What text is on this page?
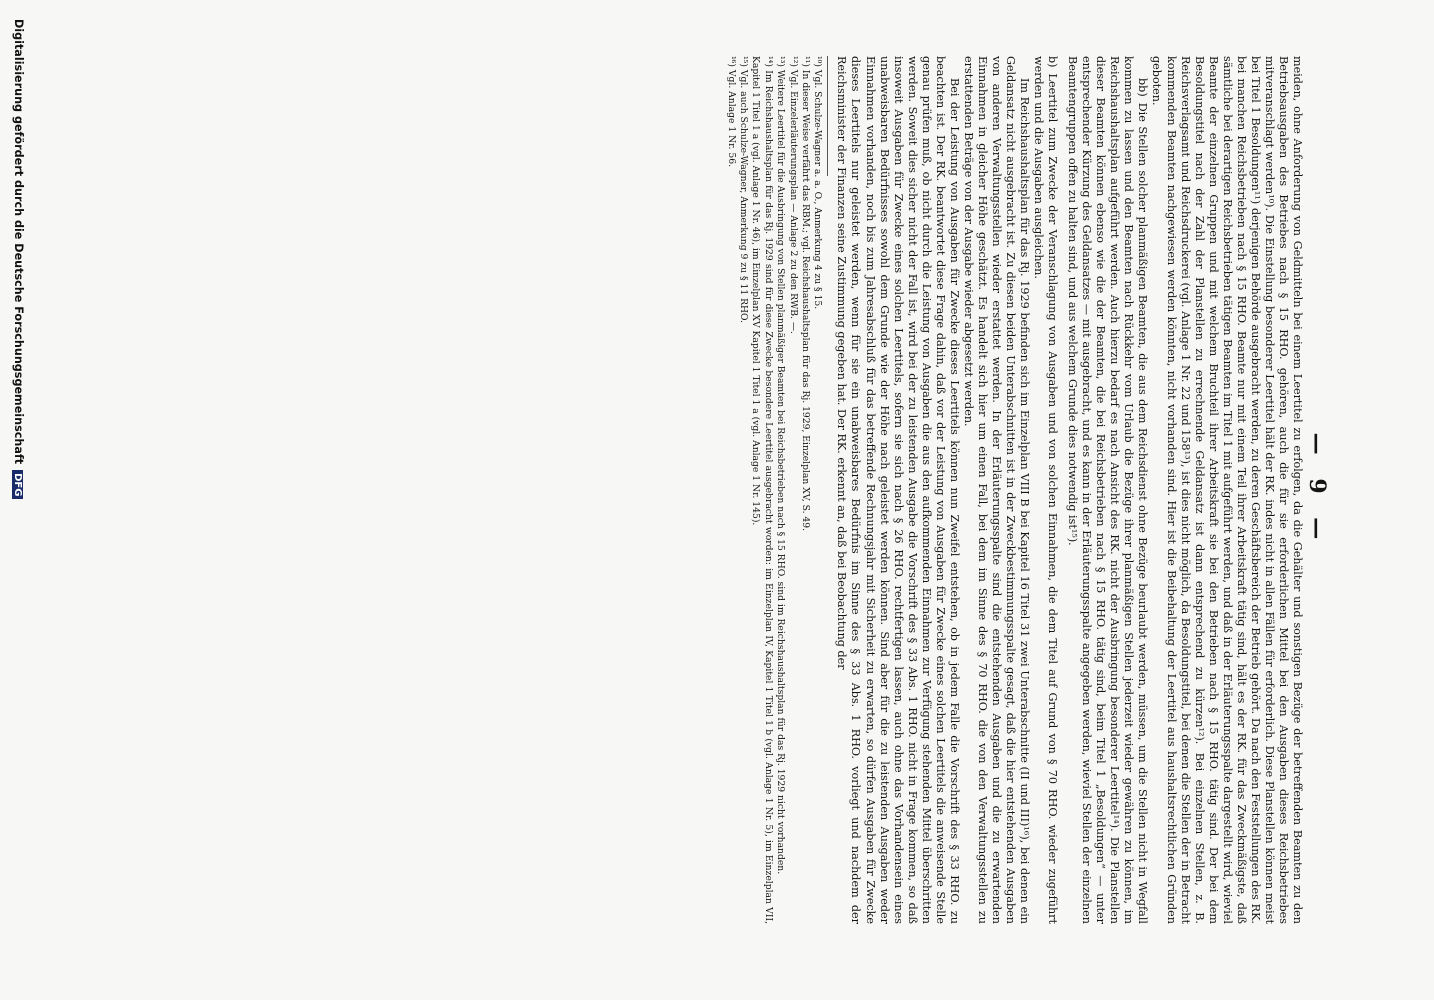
— 9 —

meiden, ohne Anforderung von Geldmitteln bei einem Leertitel zu erfolgen, da die Gehälter und sonstigen Bezüge der betreffenden Beamten zu den Betriebsausgaben des Betriebes nach § 15 RHO. gehören, auch die für sie erforderlichen Mittel bei den Ausgaben dieses Reichsbetriebes mitveranschlagt werden¹⁰). Die Einstellung besonderer Leertitel hält der RK. indes nicht in allen Fällen für erforderlich. Diese Planstellen können meist bei Titel 1 Besoldungen¹¹) derjenigen Behörde ausgebracht werden, zu deren Geschäftsbereich der Betrieb gehört. Da nach den Feststellungen des RK. bei manchen Reichsbetrieben nach § 15 RHO. Beamte nur mit einem Teil ihrer Arbeitskraft tätig sind, hält es der RK. für das Zweckmäßigste, daß sämtliche bei derartigen Reichsbetrieben tätigen Beamten im Titel 1 mit aufgeführt werden, und daß in der Erläuterungsspalte dargestellt wird, wieviel Beamte der einzelnen Gruppen und mit welchem Bruchteil ihrer Arbeitskraft sie bei den Betrieben nach § 15 RHO. tätig sind. Der bei dem Besoldungstitel nach der Zahl der Planstellen zu errechnende Geldansatz ist dann entsprechend zu kürzen¹²). Bei einzelnen Stellen, z. B. Reichsverlagsamt und Reichsdruckerei (vgl. Anlage 1 Nr. 22 und 158¹³), ist dies nicht möglich, da Besoldungstitel, bei denen die Stellen der in Betracht kommenden Beamten nachgewiesen werden könnten, nicht vorhanden sind. Hier ist die Beibehaltung der Leertitel aus haushaltsrechtlichen Gründen geboten.

bb)Die Stellen solcher planmäßigen Beamten, die aus dem Reichsdienst ohne Bezüge beurlaubt werden, müssen, um die Stellen nicht in Wegfall kommen zu lassen und den Beamten nach Rückkehr vom Urlaub die Bezüge ihrer planmäßigen Stellen jederzeit wieder gewähren zu können, im Reichshaushaltsplan aufgeführt werden. Auch hierzu bedarf es nach Ansicht des RK. nicht der Ausbringung besonderer Leertitel¹⁴). Die Planstellen dieser Beamten können ebenso wie die der Beamten, die bei Reichsbetrieben nach § 15 RHO. tätig sind, beim Titel 1 „Besoldungen“ — unter entsprechender Kürzung des Geldansatzes — mit ausgebracht, und es kann in der Erläuterungsspalte angegeben werden, wieviel Stellen der einzelnen Beamtengruppen offen zu halten sind, und aus welchem Grunde dies notwendig ist¹⁵).

b)Leertitel zum Zwecke der Veranschlagung von Ausgaben und von solchen Einnahmen, die dem Titel auf Grund von § 70 RHO. wieder zugeführt werden und die Ausgaben ausgleichen.

Im Reichshaushaltsplan für das Rj. 1929 befinden sich im Einzelplan VIII B bei Kapitel 16 Titel 31 zwei Unterabschnitte (II und III)¹⁶), bei denen ein Geldansatz nicht ausgebracht ist. Zu diesen beiden Unterabschnitten ist in der Zweckbestimmungsspalte gesagt, daß die hier entstehenden Ausgaben von anderen Verwaltungsstellen wieder erstattet werden. In der Erläuterungsspalte sind die entstehenden Ausgaben und die zu erwartenden Einnahmen in gleicher Höhe geschätzt. Es handelt sich hier um einen Fall, bei dem im Sinne des § 70 RHO. die von den Verwaltungsstellen zu erstattenden Beträge von der Ausgabe wieder abgesetzt werden.

Bei der Leistung von Ausgaben für Zwecke dieses Leertitels können nun Zweifel entstehen, ob in jedem Falle die Vorschrift des § 33 RHO. zu beachten ist. Der RK. beantwortet diese Frage dahin, daß vor der Leistung von Ausgaben für Zwecke eines solchen Leertitels die anweisende Stelle genau prüfen muß, ob nicht durch die Leistung von Ausgaben die aus den aufkommenden Einnahmen zur Verfügung stehenden Mittel überschritten werden. Soweit dies sicher nicht der Fall ist, wird bei der zu leistenden Ausgabe die Vorschrift des § 33 Abs. 1 RHO. nicht in Frage kommen, so daß insoweit Ausgaben für Zwecke eines solchen Leertitels, sofern sie sich nach § 26 RHO. rechtfertigen lassen, auch ohne das Vorhandensein eines unabweisbaren Bedürfnisses sowohl dem Grunde wie der Höhe nach geleistet werden können. Sind aber für die zu leistenden Ausgaben weder Einnahmen vorhanden, noch bis zum Jahresabschluß für das betreffende Rechnungsjahr mit Sicherheit zu erwarten, so dürfen Ausgaben für Zwecke dieses Leertitels nur geleistet werden, wenn für sie ein unabweisbares Bedürfnis im Sinne des § 33 Abs. 1 RHO. vorliegt und nachdem der Reichsminister der Finanzen seine Zustimmung gegeben hat. Der RK. erkennt an, daß bei Beobachtung der

¹⁰) Vgl. Schulze-Wagner a. a. O., Anmerkung 4 zu § 15.

¹¹) In dieser Weise verfährt das RBM.; vgl. Reichshaushaltsplan für das Rj. 1929, Einzelplan XV, S. 49.

¹²) Vgl. Einzelerläuterungsplan — Anlage 2 zu den RWB. —.

¹³) Weitere Leertitel für die Ausbringung von Stellen planmäßiger Beamten bei Reichsbetrieben nach § 15 RHO. sind im Reichshaushaltsplan für das Rj. 1929 nicht vorhanden.

¹⁴) Im Reichshaushaltsplan für das Rj. 1929 sind für diese Zwecke besondere Leertitel ausgebracht worden: im Einzelplan IV, Kapitel 1 Titel 1 b (vgl. Anlage 1 Nr. 5), im Einzelplan VII, Kapitel 1 Titel 1 a (vgl. Anlage 1 Nr. 46), im Einzelplan XV Kapitel 1 Titel 1 a (vgl. Anlage 1 Nr. 145).

¹⁵) Vgl. auch Schulze-Wagner, Anmerkung 9 zu § 11 RHO.

¹⁶) Vgl. Anlage 1 Nr. 56.

Digitalisierung gefördert durch die Deutsche ForschungsgemeinschaftDFG
